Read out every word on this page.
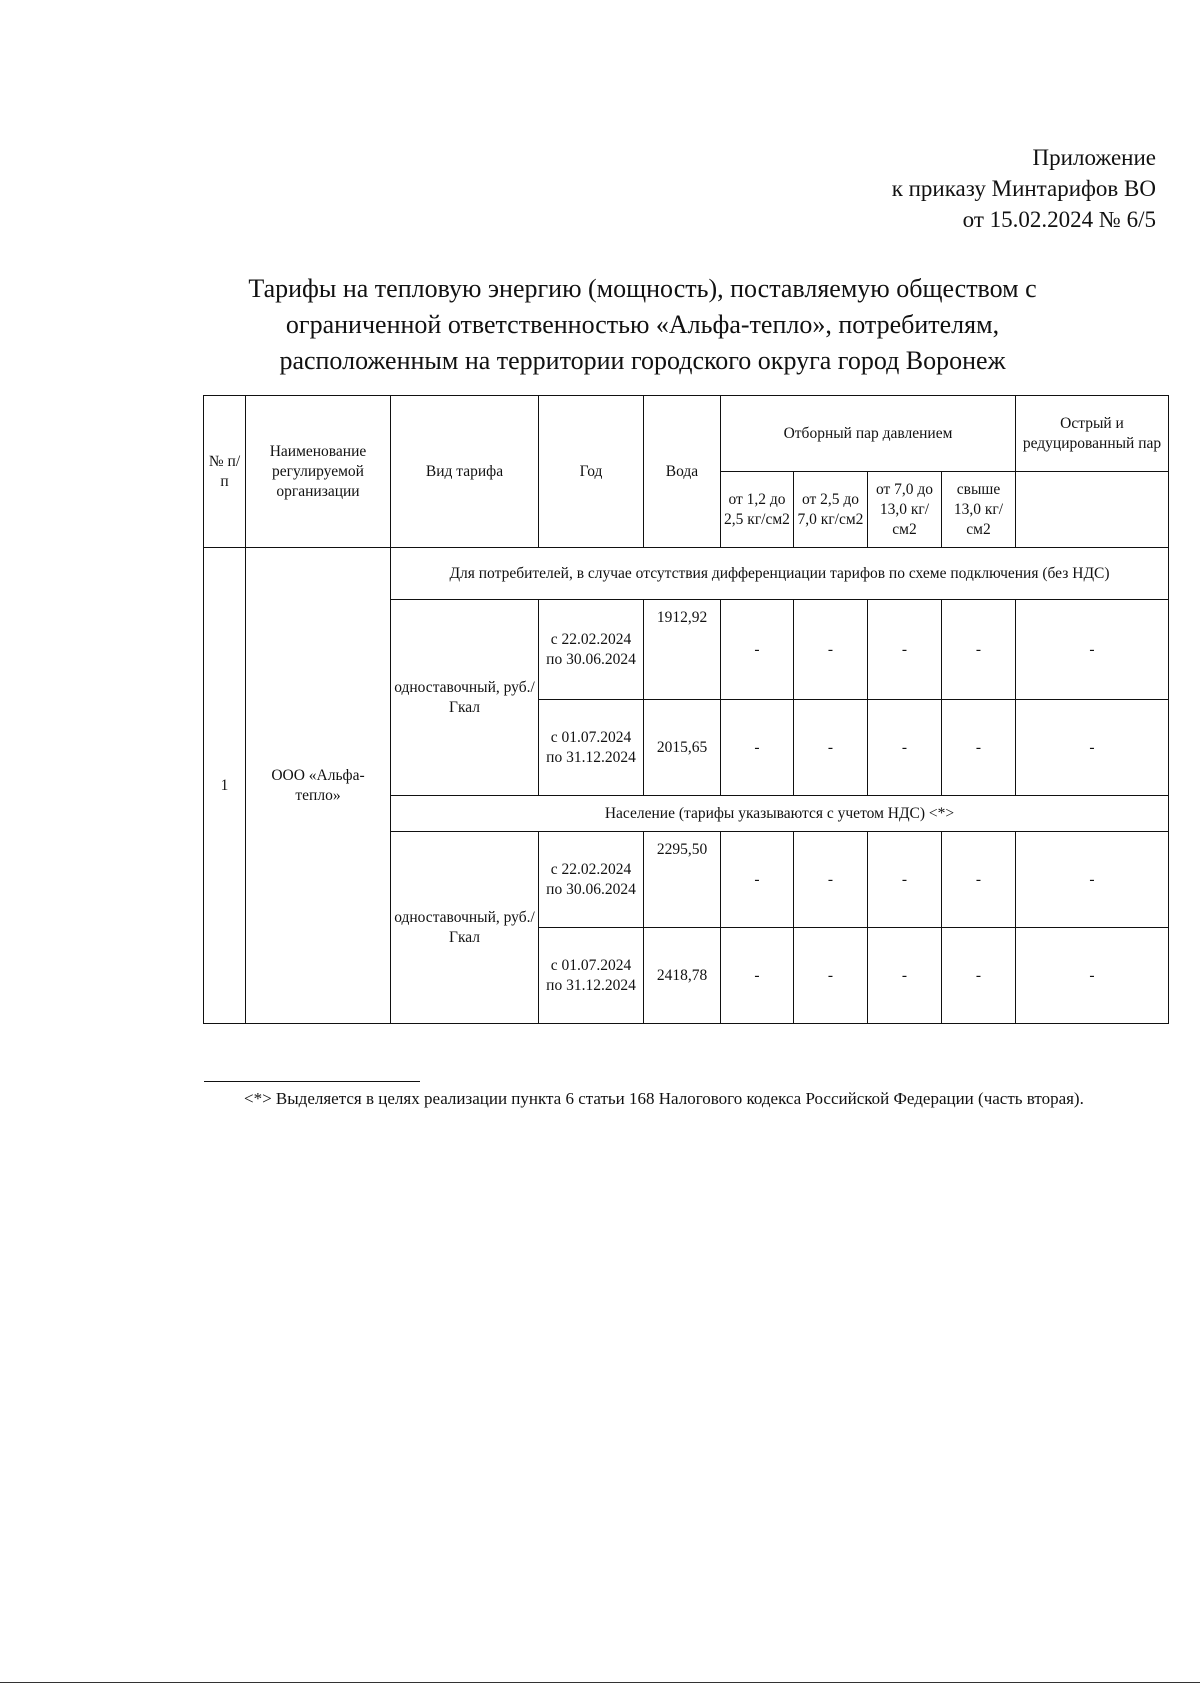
Приложение
к приказу Минтарифов ВО
от 15.02.2024 № 6/5
Тарифы на тепловую энергию (мощность), поставляемую обществом с
ограниченной ответственностью «Альфа-тепло», потребителям,
расположенным на территории городского округа город Воронеж
№ п/п	Наименование регулируемой организации	Вид тарифа	Год	Вода	Отборный пар давлением				Острый и редуцированный пар
					от 1,2 до 2,5 кг/см2	от 2,5 до 7,0 кг/см2	от 7,0 до 13,0 кг/см2	свыше 13,0 кг/см2	
1	ООО «Альфа-тепло»	Для потребителей, в случае отсутствия дифференциации тарифов по схеме подключения (без НДС)							
		одноставочный, руб./Гкал	с 22.02.2024 по 30.06.2024	1912,92	-	-	-	-	-
			с 01.07.2024 по 31.12.2024	2015,65	-	-	-	-	-
		Население (тарифы указываются с учетом НДС) <*>							
		одноставочный, руб./Гкал	с 22.02.2024 по 30.06.2024	2295,50	-	-	-	-	-
			с 01.07.2024 по 31.12.2024	2418,78	-	-	-	-	-
<*> Выделяется в целях реализации пункта 6 статьи 168 Налогового кодекса Российской Федерации (часть вторая).
